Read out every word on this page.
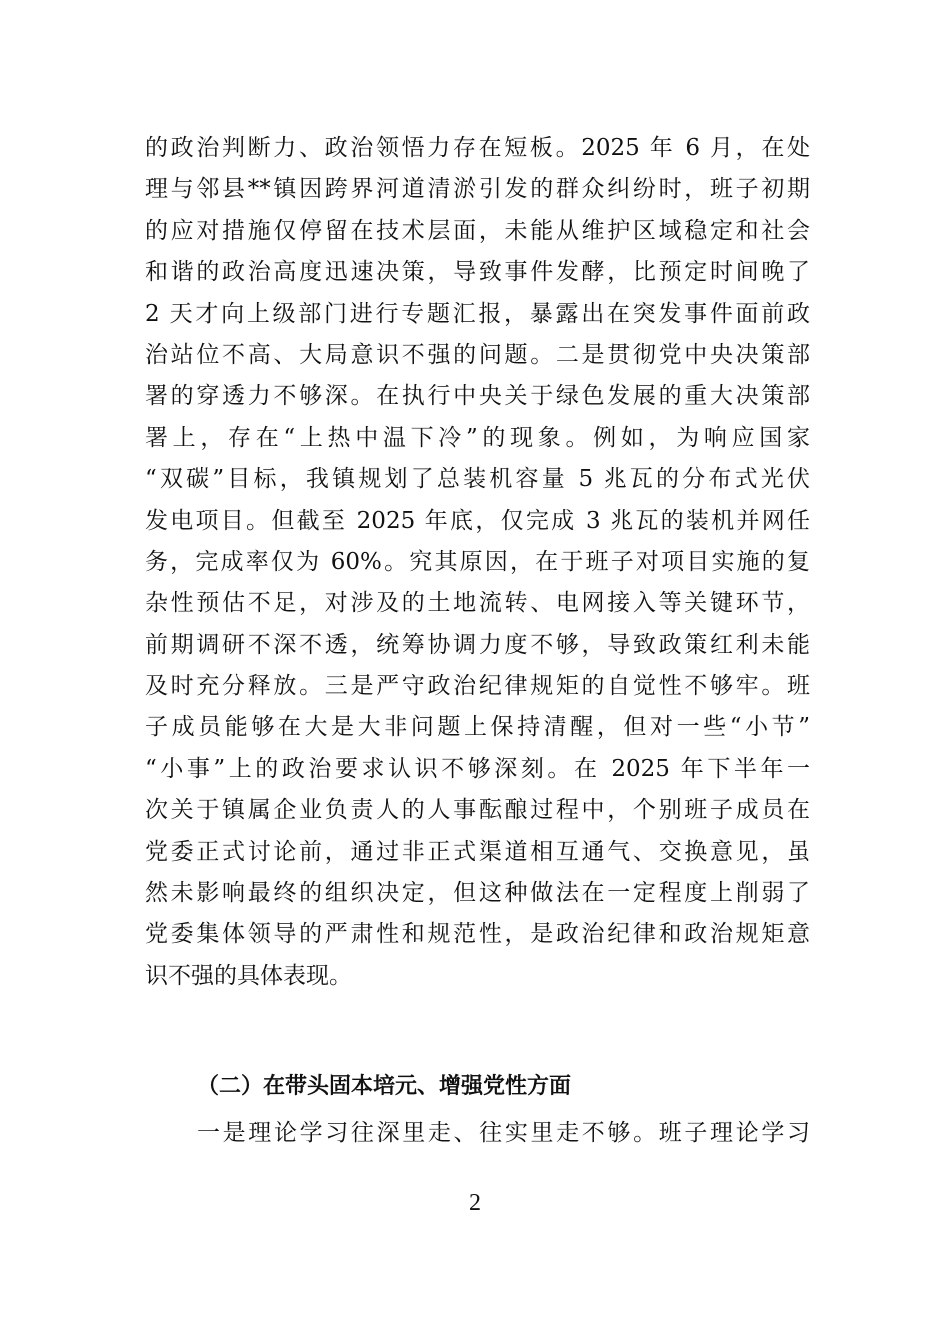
的政治判断力、政治领悟力存在短板。2025 年 6 月，在处
理与邻县**镇因跨界河道清淤引发的群众纠纷时，班子初期
的应对措施仅停留在技术层面，未能从维护区域稳定和社会
和谐的政治高度迅速决策，导致事件发酵，比预定时间晚了
2 天才向上级部门进行专题汇报，暴露出在突发事件面前政
治站位不高、大局意识不强的问题。二是贯彻党中央决策部
署的穿透力不够深。在执行中央关于绿色发展的重大决策部
署上，存在“上热中温下冷”的现象。例如，为响应国家
“双碳”目标，我镇规划了总装机容量 5 兆瓦的分布式光伏
发电项目。但截至 2025 年底，仅完成 3 兆瓦的装机并网任
务，完成率仅为 60%。究其原因，在于班子对项目实施的复
杂性预估不足，对涉及的土地流转、电网接入等关键环节，
前期调研不深不透，统筹协调力度不够，导致政策红利未能
及时充分释放。三是严守政治纪律规矩的自觉性不够牢。班
子成员能够在大是大非问题上保持清醒，但对一些“小节”
“小事”上的政治要求认识不够深刻。在 2025 年下半年一
次关于镇属企业负责人的人事酝酿过程中，个别班子成员在
党委正式讨论前，通过非正式渠道相互通气、交换意见，虽
然未影响最终的组织决定，但这种做法在一定程度上削弱了
党委集体领导的严肃性和规范性，是政治纪律和政治规矩意
识不强的具体表现。
（二）在带头固本培元、增强党性方面
一是理论学习往深里走、往实里走不够。班子理论学习
2
